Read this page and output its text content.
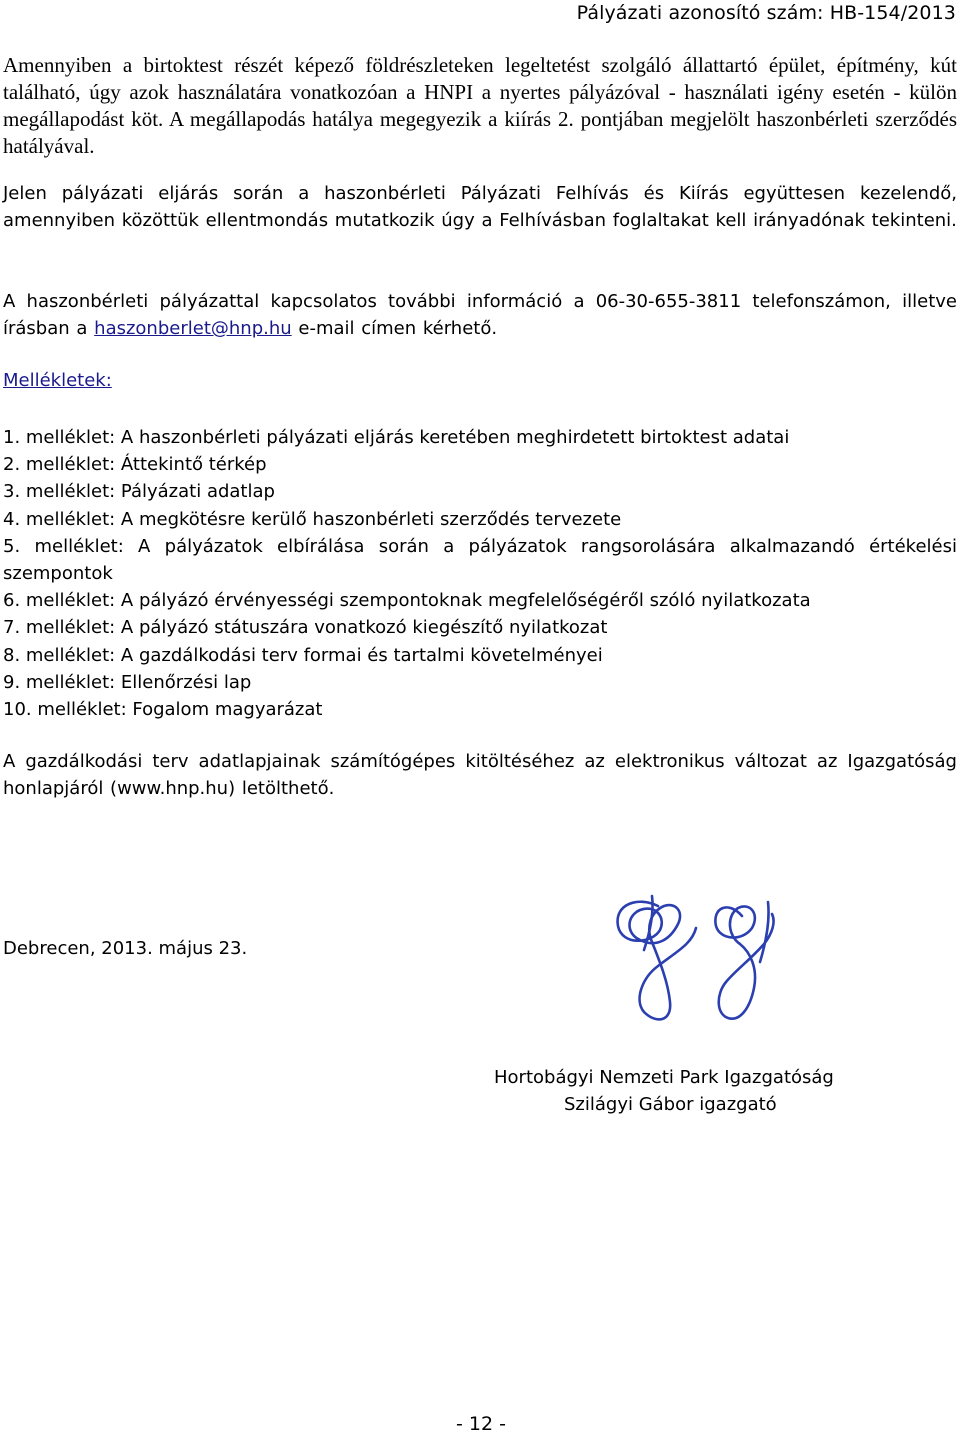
Pályázati azonosító szám: HB-154/2013

Amennyiben a birtoktest részét képező földrészleteken legeltetést szolgáló állattartó épület, építmény, kút található, úgy azok használatára vonatkozóan a HNPI a nyertes pályázóval - használati igény esetén - külön megállapodást köt. A megállapodás hatálya megegyezik a kiírás 2. pontjában megjelölt haszonbérleti szerződés hatályával.

Jelen pályázati eljárás során a haszonbérleti Pályázati Felhívás és Kiírás együttesen kezelendő, amennyiben közöttük ellentmondás mutatkozik úgy a Felhívásban foglaltakat kell irányadónak tekinteni.

A haszonbérleti pályázattal kapcsolatos további információ a 06-30-655-3811 telefonszámon, illetve írásban a haszonberlet@hnp.hu e-mail címen kérhető.

Mellékletek:
1. melléklet: A haszonbérleti pályázati eljárás keretében meghirdetett birtoktest adatai
2. melléklet: Áttekintő térkép
3. melléklet: Pályázati adatlap
4. melléklet: A megkötésre kerülő haszonbérleti szerződés tervezete
5. melléklet: A pályázatok elbírálása során a pályázatok rangsorolására alkalmazandó értékelési szempontok
6. melléklet: A pályázó érvényességi szempontoknak megfelelőségéről szóló nyilatkozata
7. melléklet: A pályázó státuszára vonatkozó kiegészítő nyilatkozat
8. melléklet: A gazdálkodási terv formai és tartalmi követelményei
9. melléklet: Ellenőrzési lap
10. melléklet: Fogalom magyarázat

A gazdálkodási terv adatlapjainak számítógépes kitöltéséhez az elektronikus változat az Igazgatóság honlapjáról (www.hnp.hu) letölthető.

Debrecen, 2013. május 23.
Hortobágyi Nemzeti Park Igazgatóság
Szilágyi Gábor igazgató
- 12 -
